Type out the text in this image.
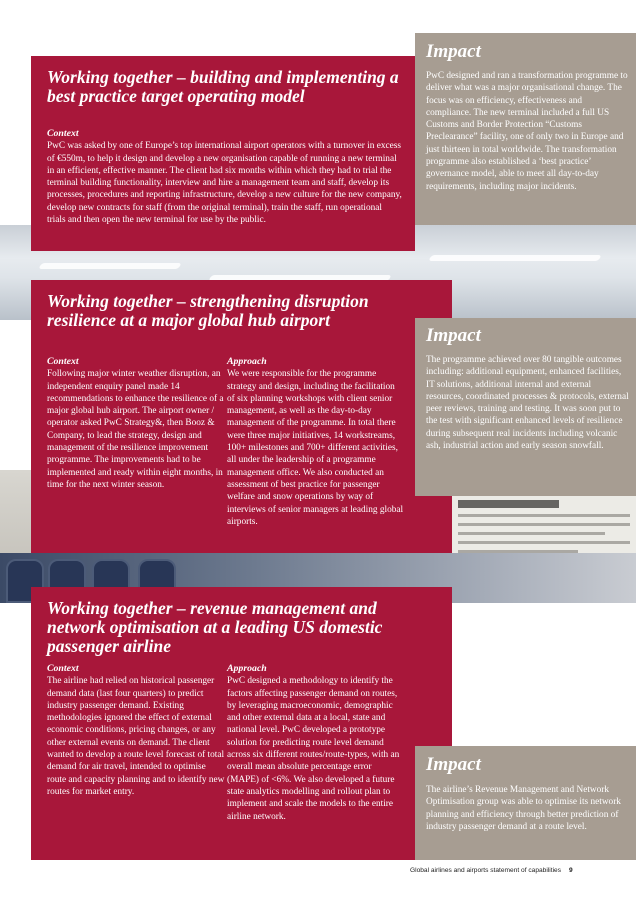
Working together – building and implementing a best practice target operating model

Context

PwC was asked by one of Europe’s top international airport operators with a turnover in excess of €550m, to help it design and develop a new organisation capable of running a new terminal in an efficient, effective manner. The client had six months within which they had to trial the terminal building functionality, interview and hire a management team and staff, develop its processes, procedures and reporting infrastructure, develop a new culture for the new company, develop new contracts for staff (from the original terminal), train the staff, run operational trials and then open the new terminal for use by the public.

Impact

PwC designed and ran a transformation programme to deliver what was a major organisational change. The focus was on efficiency, effectiveness and compliance. The new terminal included a full US Customs and Border Protection “Customs Preclearance” facility, one of only two in Europe and just thirteen in total worldwide. The transformation programme also established a ‘best practice’ governance model, able to meet all day-to-day requirements, including major incidents.

Working together – strengthening disruption resilience at a major global hub airport

Context

Following major winter weather disruption, an independent enquiry panel made 14 recommendations to enhance the resilience of a major global hub airport. The airport owner / operator asked PwC Strategy&, then Booz & Company, to lead the strategy, design and management of the resilience improvement programme. The improvements had to be implemented and ready within eight months, in time for the next winter season.

Approach

We were responsible for the programme strategy and design, including the facilitation of six planning workshops with client senior management, as well as the day-to-day management of the programme. In total there were three major initiatives, 14 workstreams, 100+ milestones and 700+ different activities, all under the leadership of a programme management office. We also conducted an assessment of best practice for passenger welfare and snow operations by way of interviews of senior managers at leading global airports.

Impact

The programme achieved over 80 tangible outcomes including: additional equipment, enhanced facilities, IT solutions, additional internal and external resources, coordinated processes & protocols, external peer reviews, training and testing. It was soon put to the test with significant enhanced levels of resilience during subsequent real incidents including volcanic ash, industrial action and early season snowfall.

Working together – revenue management and network optimisation at a leading US domestic passenger airline

Context

The airline had relied on historical passenger demand data (last four quarters) to predict industry passenger demand. Existing methodologies ignored the effect of external economic conditions, pricing changes, or any other external events on demand. The client wanted to develop a route level forecast of total demand for air travel, intended to optimise route and capacity planning and to identify new routes for market entry.

Approach

PwC designed a methodology to identify the factors affecting passenger demand on routes, by leveraging macroeconomic, demographic and other external data at a local, state and national level. PwC developed a prototype solution for predicting route level demand across six different routes/route-types, with an overall mean absolute percentage error (MAPE) of <6%. We also developed a future state analytics modelling and rollout plan to implement and scale the models to the entire airline network.

Impact

The airline’s Revenue Management and Network Optimisation group was able to optimise its network planning and efficiency through better prediction of industry passenger demand at a route level.

Global airlines and airports statement of capabilities 9
